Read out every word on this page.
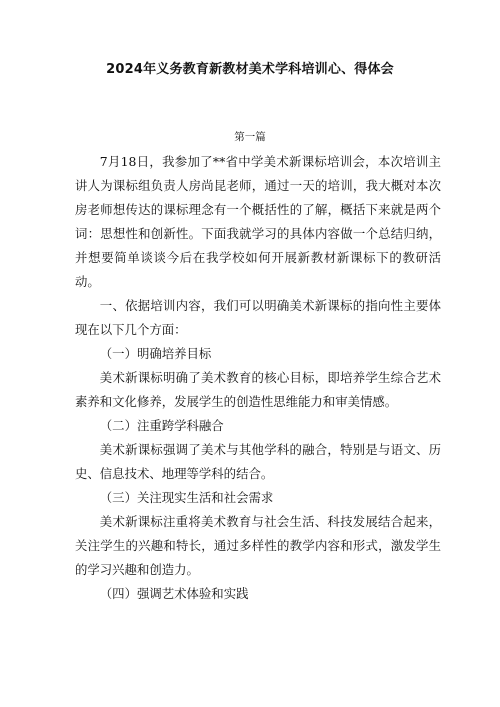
2024年义务教育新教材美术学科培训心、得体会
第一篇

7月18日，我参加了**省中学美术新课标培训会，本次培训主讲人为课标组负责人房尚昆老师，通过一天的培训，我大概对本次房老师想传达的课标理念有一个概括性的了解，概括下来就是两个词：思想性和创新性。下面我就学习的具体内容做一个总结归纳，并想要简单谈谈今后在我学校如何开展新教材新课标下的教研活动。

一、依据培训内容，我们可以明确美术新课标的指向性主要体现在以下几个方面：

（一）明确培养目标

美术新课标明确了美术教育的核心目标，即培养学生综合艺术素养和文化修养，发展学生的创造性思维能力和审美情感。

（二）注重跨学科融合

美术新课标强调了美术与其他学科的融合，特别是与语文、历史、信息技术、地理等学科的结合。

（三）关注现实生活和社会需求

美术新课标注重将美术教育与社会生活、科技发展结合起来，关注学生的兴趣和特长，通过多样性的教学内容和形式，激发学生的学习兴趣和创造力。

（四）强调艺术体验和实践
